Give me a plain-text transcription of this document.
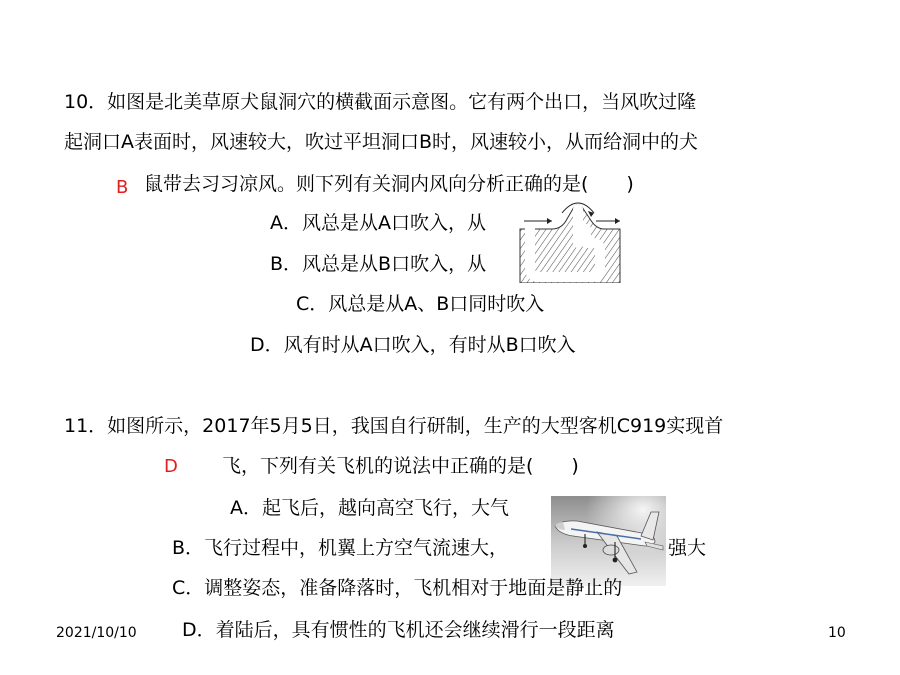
10．如图是北美草原犬鼠洞穴的横截面示意图。它有两个出口，当风吹过隆
起洞口A表面时，风速较大，吹过平坦洞口B时，风速较小，从而给洞中的犬
B 鼠带去习习凉风。则下列有关洞内风向分析正确的是(　　)
A．风总是从A口吹入，从
B．风总是从B口吹入，从
C．风总是从A、B口同时吹入
D．风有时从A口吹入，有时从B口吹入
11．如图所示，2017年5月5日，我国自行研制，生产的大型客机C919实现首
D 飞，下列有关飞机的说法中正确的是(　　)
A．起飞后，越向高空飞行，大气
B．飞行过程中，机翼上方空气流速大，	强大
C．调整姿态，准备降落时，飞机相对于地面是静止的
D．着陆后，具有惯性的飞机还会继续滑行一段距离
2021/10/10	10
